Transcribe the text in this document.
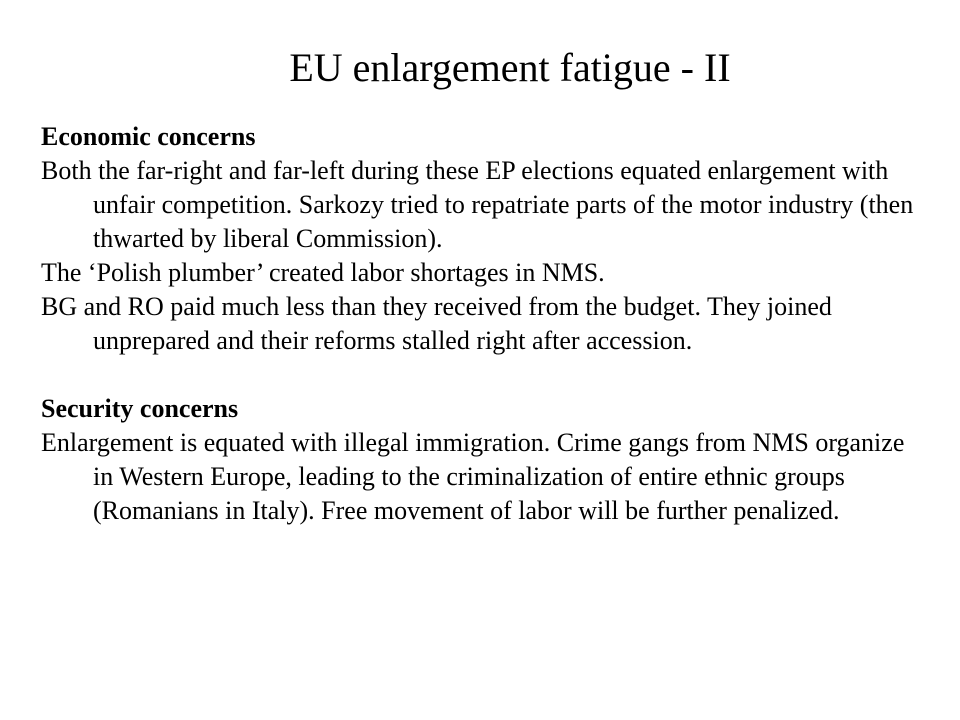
EU enlargement fatigue - II

Economic concerns

Both the far-right and far-left during these EP elections equated enlargement with unfair competition. Sarkozy tried to repatriate parts of the motor industry (then thwarted by liberal Commission).

The ‘Polish plumber’ created labor shortages in NMS.

BG and RO paid much less than they received from the budget. They joined unprepared and their reforms stalled right after accession.

Security concerns

Enlargement is equated with illegal immigration. Crime gangs from NMS organize in Western Europe, leading to the criminalization of entire ethnic groups (Romanians in Italy). Free movement of labor will be further penalized.
